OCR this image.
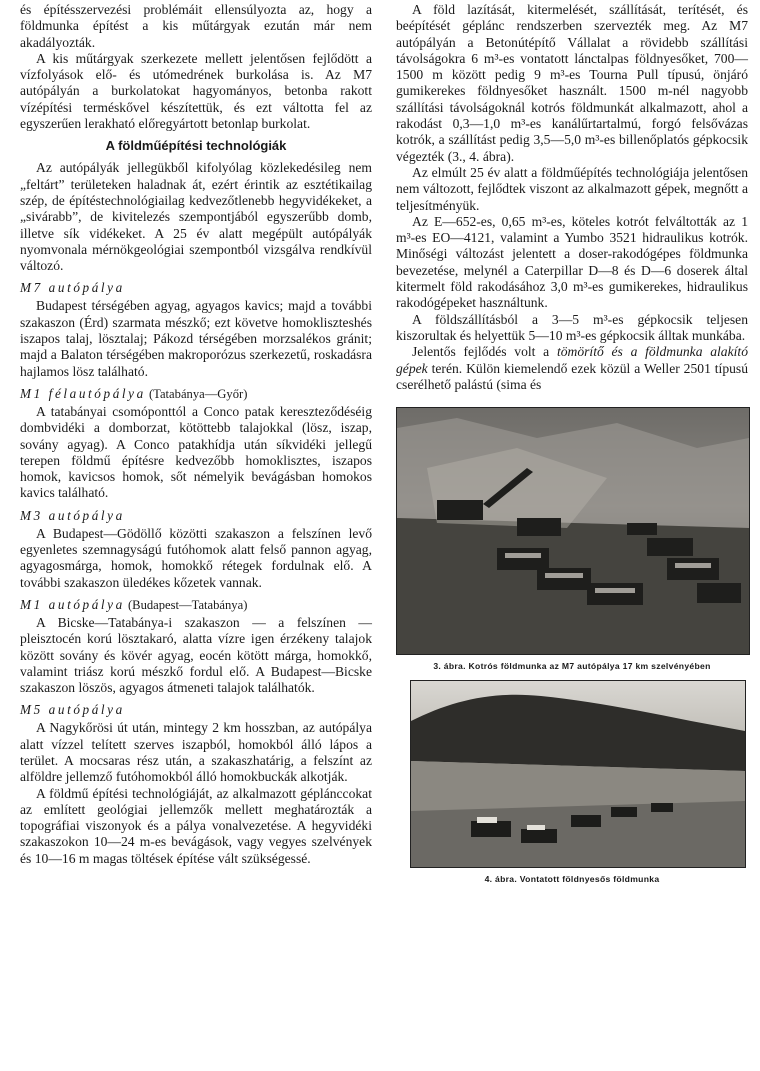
és építésszervezési problémáit ellensúlyozta az, hogy a földmunka építést a kis műtárgyak ezután már nem akadályozták.

A kis műtárgyak szerkezete mellett jelentősen fejlődött a vízfolyások elő- és utómedrének burkolása is. Az M7 autópályán a burkolatokat hagyományos, betonba rakott vízépítési terméskővel készítettük, és ezt váltotta fel az egyszerűen lerakható előregyártott betonlap burkolat.

A földműépítési technológiák

Az autópályák jellegükből kifolyólag közlekedésileg nem „feltárt” területeken haladnak át, ezért érintik az esztétikailag szép, de építéstechnológiailag kedvezőtlenebb hegyvidékeket, a „sivárabb”, de kivitelezés szempontjából egyszerűbb domb, illetve sík vidékeket. A 25 év alatt megépült autópályák nyomvonala mérnökgeológiai szempontból vizsgálva rendkívül változó.

M7 autópálya

Budapest térségében agyag, agyagos kavics; majd a további szakaszon (Érd) szarmata mészkő; ezt követve homokliszteshés iszapos talaj, lösztalaj; Pákozd térségében morzsalékos gránit; majd a Balaton térségében makroporózus szerkezetű, roskadásra hajlamos lösz található.

M1 félautópálya (Tatabánya—Győr)

A tatabányai csomóponttól a Conco patak kereszteződéséig dombvidéki a domborzat, kötöttebb talajokkal (lösz, iszap, sovány agyag). A Conco patakhídja után síkvidéki jellegű terepen földmű építésre kedvezőbb homoklisztes, iszapos homok, kavicsos homok, sőt némelyik bevágásban homokos kavics található.

M3 autópálya

A Budapest—Gödöllő közötti szakaszon a felszínen levő egyenletes szemnagyságú futóhomok alatt felső pannon agyag, agyagosmárga, homok, homokkő rétegek fordulnak elő. A további szakaszon üledékes kőzetek vannak.

M1 autópálya (Budapest—Tatabánya)

A Bicske—Tatabánya-i szakaszon — a felszínen — pleisztocén korú lösztakaró, alatta vízre igen érzékeny talajok között sovány és kövér agyag, eocén kötött márga, homokkő, valamint triász korú mészkő fordul elő. A Budapest—Bicske szakaszon löszös, agyagos átmeneti talajok találhatók.

M5 autópálya

A Nagykőrösi út után, mintegy 2 km hosszban, az autópálya alatt vízzel telített szerves iszapból, homokból álló lápos a terület. A mocsaras rész után, a szakaszhatárig, a felszínt az alföldre jellemző futóhomokból álló homokbuckák alkotják.

A földmű építési technológiáját, az alkalmazott géplánccokat az említett geológiai jellemzők mellett meghatározták a topográfiai viszonyok és a pálya vonalvezetése. A hegyvidéki szakaszokon 10—24 m-es bevágások, vagy vegyes szelvények és 10—16 m magas töltések építése vált szükségessé.

A föld lazítását, kitermelését, szállítását, terítését, és beépítését géplánc rendszerben szervezték meg. Az M7 autópályán a Betonútépítő Vállalat a rövidebb szállítási távolságokra 6 m³-es vontatott lánctalpas földnyesőket, 700—1500 m között pedig 9 m³-es Tourna Pull típusú, önjáró gumikerekes földnyesőket használt. 1500 m-nél nagyobb szállítási távolságoknál kotrós földmunkát alkalmazott, ahol a rakodást 0,3—1,0 m³-es kanálűrtartalmú, forgó felsővázas kotrók, a szállítást pedig 3,5—5,0 m³-es billenőplatós gépkocsik végezték (3., 4. ábra).

Az elmúlt 25 év alatt a földműépítés technológiája jelentősen nem változott, fejlődtek viszont az alkalmazott gépek, megnőtt a teljesítményük.

Az E—652-es, 0,65 m³-es, köteles kotrót felváltották az 1 m³-es EO—4121, valamint a Yumbo 3521 hidraulikus kotrók. Minőségi változást jelentett a doser-rakodógépes földmunka bevezetése, melynél a Caterpillar D—8 és D—6 doserek által kitermelt föld rakodásához 3,0 m³-es gumikerekes, hidraulikus rakodógépeket használtunk.

A földszállításból a 3—5 m³-es gépkocsik teljesen kiszorultak és helyettük 5—10 m³-es gépkocsik álltak munkába.

Jelentős fejlődés volt a tömörítő és a földmunka alakító gépek terén. Külön kiemelendő ezek közül a Weller 2501 típusú cserélhető palástú (sima és

3. ábra. Kotrós földmunka az M7 autópálya 17 km szelvényében
4. ábra. Vontatott földnyesős földmunka
